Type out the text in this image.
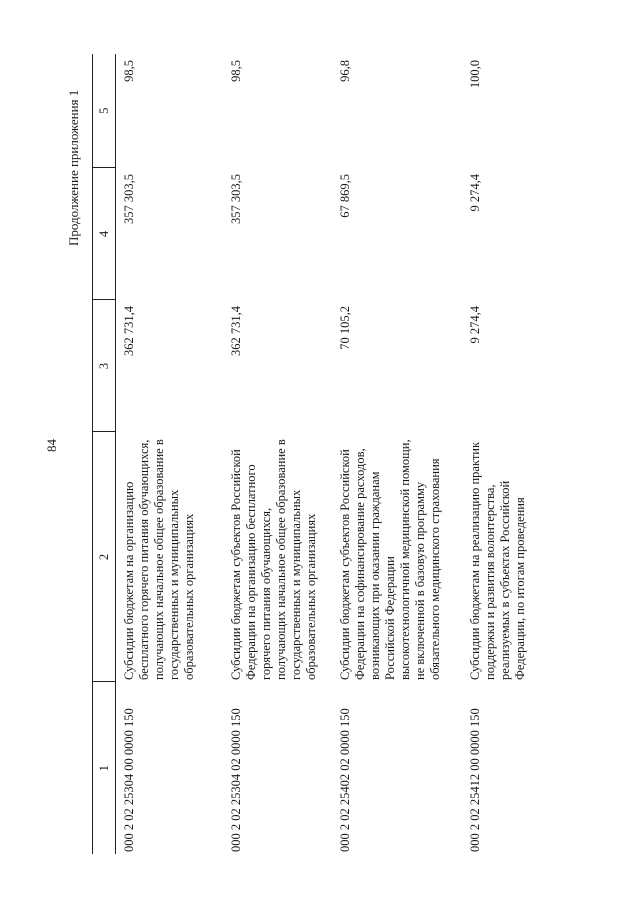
84
Продолжение приложения 1
1	2	3	4	5
000 2 02 25304 00 0000 150	Субсидии бюджетам на организацию бесплатного горячего питания обучающихся, получающих начальное общее образование в государственных и муниципальных образовательных организациях	362 731,4	357 303,5	98,5
000 2 02 25304 02 0000 150	Субсидии бюджетам субъектов Российской Федерации на организацию бесплатного горячего питания обучающихся, получающих начальное общее образование в государственных и муниципальных образовательных организациях	362 731,4	357 303,5	98,5
000 2 02 25402 02 0000 150	Субсидии бюджетам субъектов Российской Федерации на софинансирование расходов, возникающих при оказании гражданам Российской Федерации высокотехнологичной медицинской помощи, не включенной в базовую программу обязательного медицинского страхования	70 105,2	67 869,5	96,8
000 2 02 25412 00 0000 150	Субсидии бюджетам на реализацию практик поддержки и развития волонтерства, реализуемых в субъектах Российской Федерации, по итогам проведения	9 274,4	9 274,4	100,0
